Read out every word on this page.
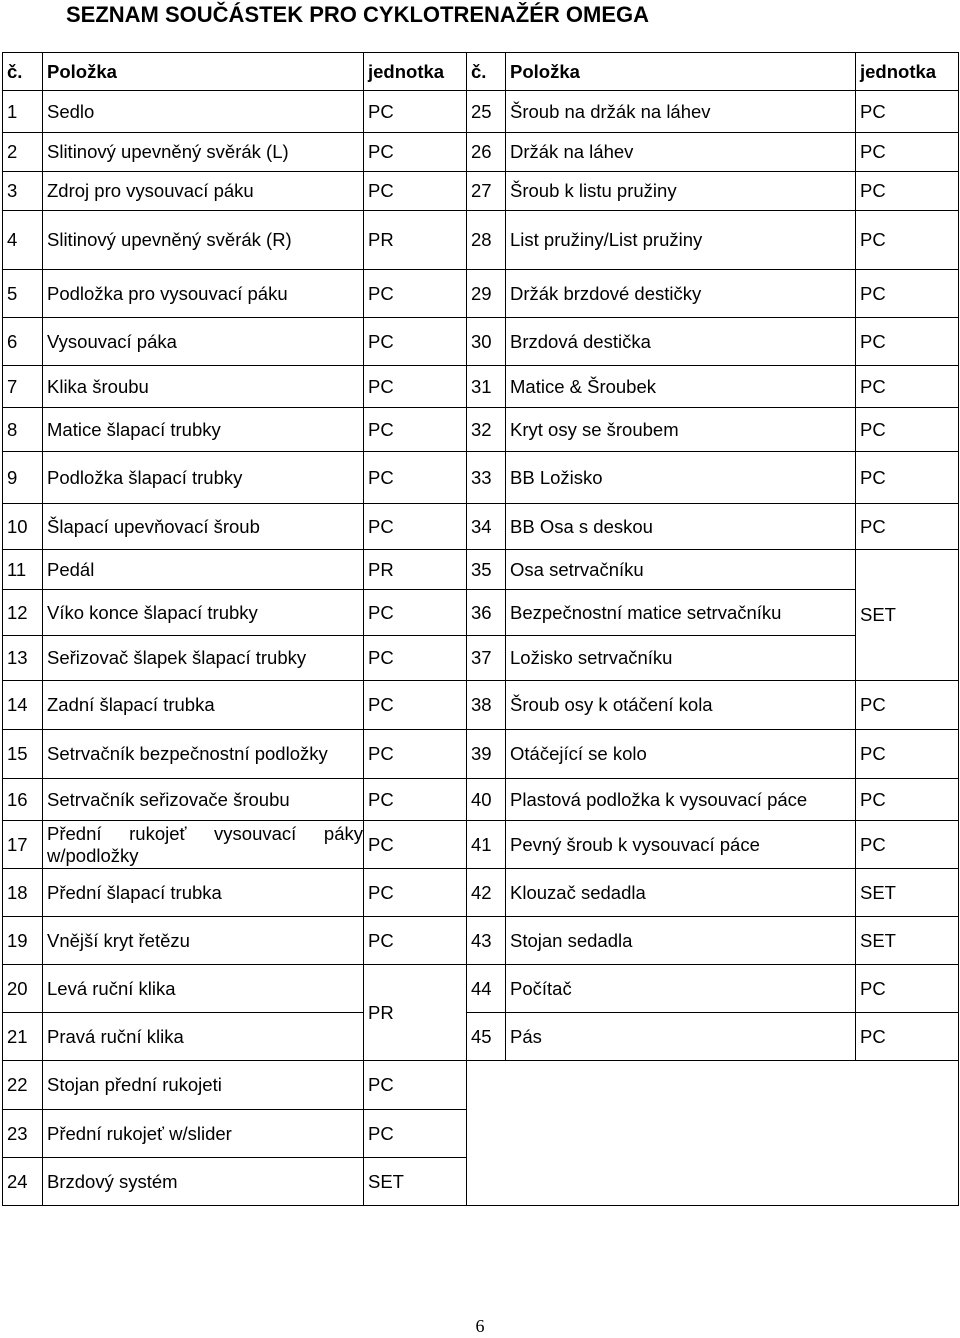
SEZNAM SOUČÁSTEK PRO CYKLOTRENAŽÉR OMEGA
č.	Položka	jednotka	č.	Položka	jednotka
1	Sedlo	PC	25	Šroub na držák na láhev	PC
2	Slitinový upevněný svěrák (L)	PC	26	Držák na láhev	PC
3	Zdroj pro vysouvací páku	PC	27	Šroub k listu pružiny	PC
4	Slitinový upevněný svěrák (R)	PR	28	List pružiny/List pružiny	PC
5	Podložka pro vysouvací páku	PC	29	Držák brzdové destičky	PC
6	Vysouvací páka	PC	30	Brzdová destička	PC
7	Klika šroubu	PC	31	Matice & Šroubek	PC
8	Matice šlapací trubky	PC	32	Kryt osy se šroubem	PC
9	Podložka šlapací trubky	PC	33	BB Ložisko	PC
10	Šlapací upevňovací šroub	PC	34	BB Osa s deskou	PC
11	Pedál	PR	35	Osa setrvačníku	SET
12	Víko konce šlapací trubky	PC	36	Bezpečnostní matice setrvačníku	
13	Seřizovač šlapek šlapací trubky	PC	37	Ložisko setrvačníku	
14	Zadní šlapací trubka	PC	38	Šroub osy k otáčení kola	PC
15	Setrvačník bezpečnostní podložky	PC	39	Otáčející se kolo	PC
16	Setrvačník seřizovače šroubu	PC	40	Plastová podložka k vysouvací páce	PC
17	Přední rukojeť vysouvací páky
w/podložky	PC	41	Pevný šroub k vysouvací páce	PC
18	Přední šlapací trubka	PC	42	Klouzač sedadla	SET
19	Vnější kryt řetězu	PC	43	Stojan sedadla	SET
20	Levá ruční klika	PR	44	Počítač	PC
21	Pravá ruční klika		45	Pás	PC
22	Stojan přední rukojeti	PC			
23	Přední rukojeť w/slider	PC			
24	Brzdový systém	SET			
6
